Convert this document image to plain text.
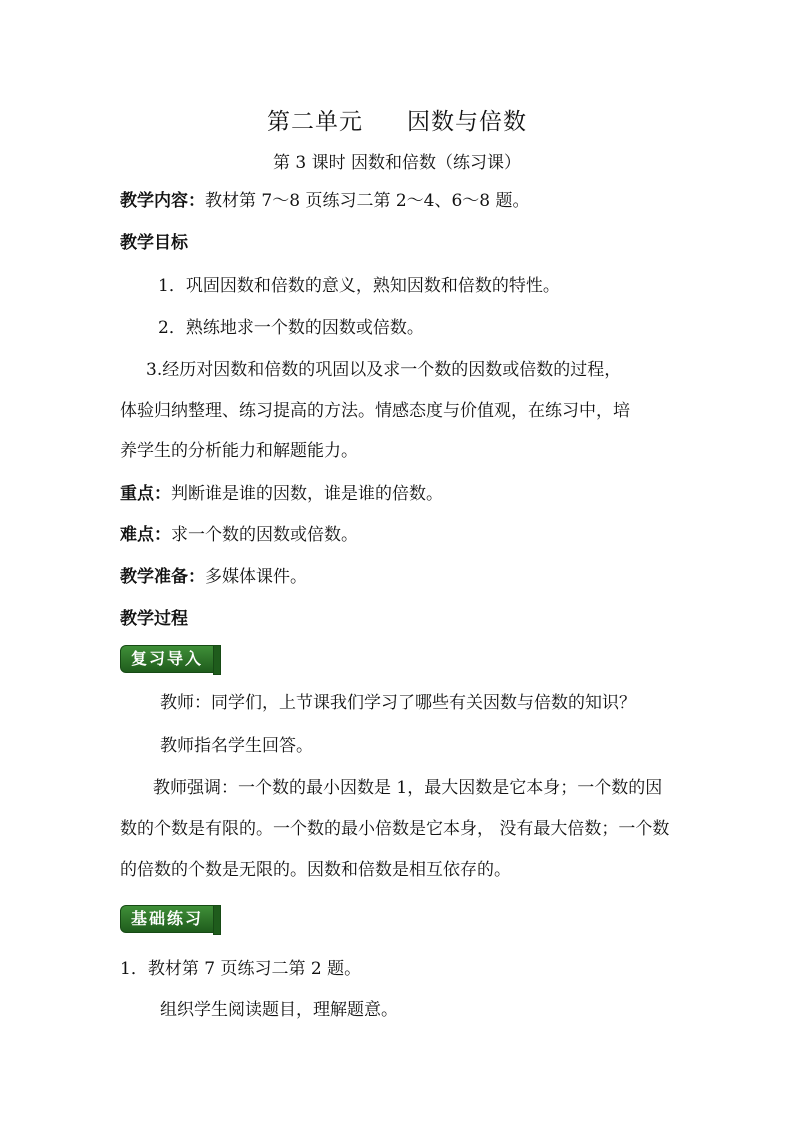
第二单元 因数与倍数
第 3 课时 因数和倍数（练习课）
教学内容：教材第 7～8 页练习二第 2～4、6～8 题。
教学目标
1．巩固因数和倍数的意义，熟知因数和倍数的特性。
2．熟练地求一个数的因数或倍数。
3.经历对因数和倍数的巩固以及求一个数的因数或倍数的过程，
体验归纳整理、练习提高的方法。情感态度与价值观，在练习中，培
养学生的分析能力和解题能力。
重点：判断谁是谁的因数，谁是谁的倍数。
难点：求一个数的因数或倍数。
教学准备：多媒体课件。
教学过程
复习导入
教师：同学们，上节课我们学习了哪些有关因数与倍数的知识？
教师指名学生回答。
教师强调：一个数的最小因数是 1，最大因数是它本身；一个数的因
数的个数是有限的。一个数的最小倍数是它本身， 没有最大倍数；一个数
的倍数的个数是无限的。因数和倍数是相互依存的。
基础练习
1．教材第 7 页练习二第 2 题。
组织学生阅读题目，理解题意。
